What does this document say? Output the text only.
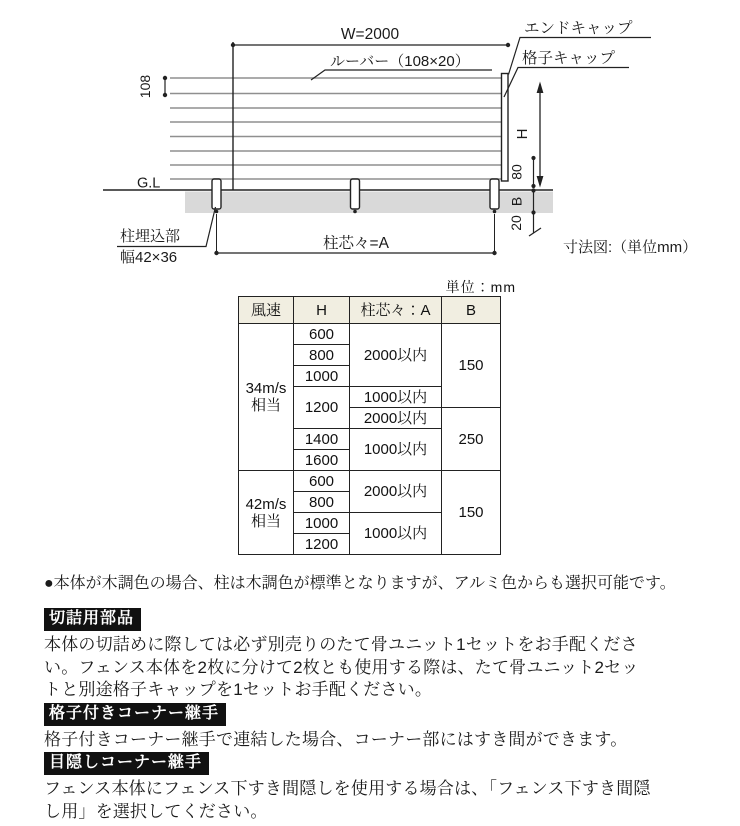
W=2000
ルーバー（108×20）
エンドキャップ
格子キャップ
108
H
80
B
20
G.L
柱埋込部
幅42×36
柱芯々=A	寸法図:（単位mm）
単位：mm
風速	H	柱芯々：A	B

34m/s
相当	600	2000以内	150
	800		
	1000		
	1200	1000以内	
		2000以内	250
	1400	1000以内	
	1600		

42m/s
相当	600	2000以内	150
	800		
	1000	1000以内	
	1200		

●本体が木調色の場合、柱は木調色が標準となりますが、アルミ色からも選択可能です。

切詰用部品

本体の切詰めに際しては必ず別売りのたて骨ユニット1セットをお手配くださ
い。フェンス本体を2枚に分けて2枚とも使用する際は、たて骨ユニット2セッ
トと別途格子キャップを1セットお手配ください。

格子付きコーナー継手

格子付きコーナー継手で連結した場合、コーナー部にはすき間ができます。

目隠しコーナー継手

フェンス本体にフェンス下すき間隠しを使用する場合は、「フェンス下すき間隠
し用」を選択してください。
